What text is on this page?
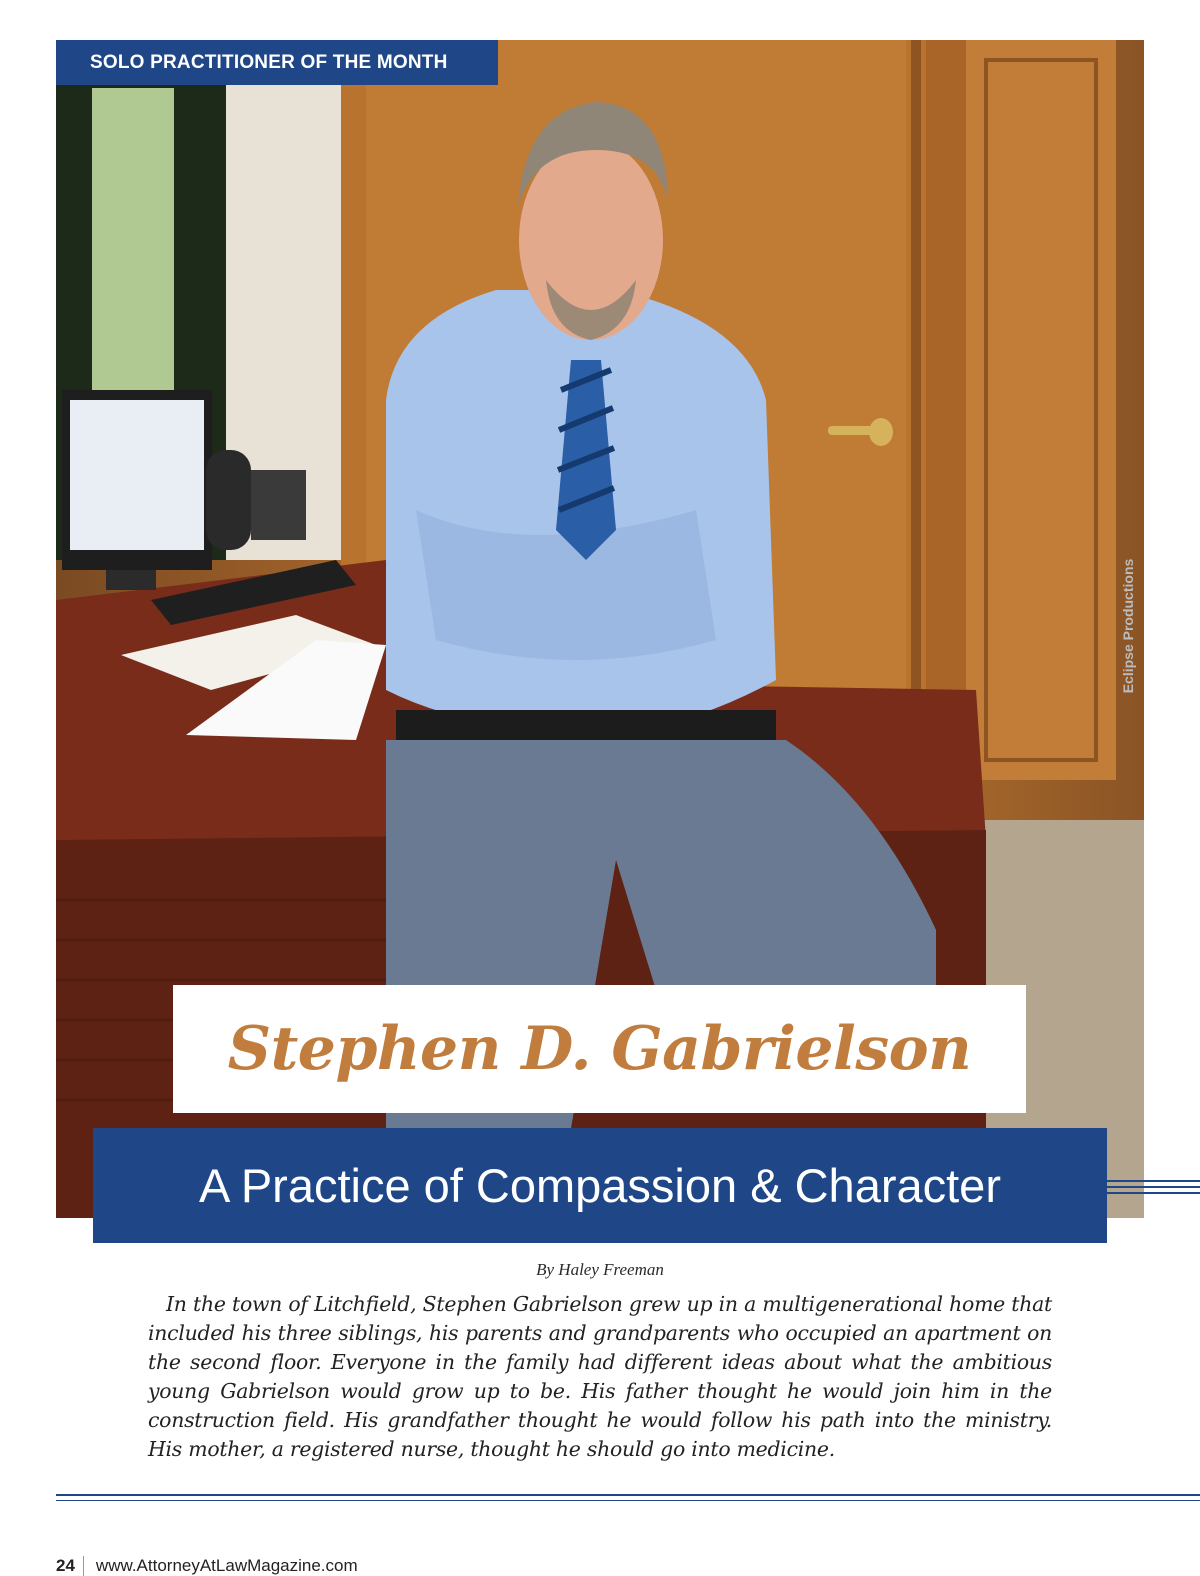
SOLO PRACTITIONER OF THE MONTH
Eclipse Productions
Stephen D. Gabrielson
A Practice of Compassion & Character
By Haley Freeman

In the town of Litchfield, Stephen Gabrielson grew up in a multigenerational home that included his three siblings, his parents and grandparents who occupied an apartment on the second floor. Everyone in the family had different ideas about what the ambitious young Gabrielson would grow up to be. His father thought he would join him in the construction field. His grandfather thought he would follow his path into the ministry. His mother, a registered nurse, thought he should go into medicine.

24 www.AttorneyAtLawMagazine.com
